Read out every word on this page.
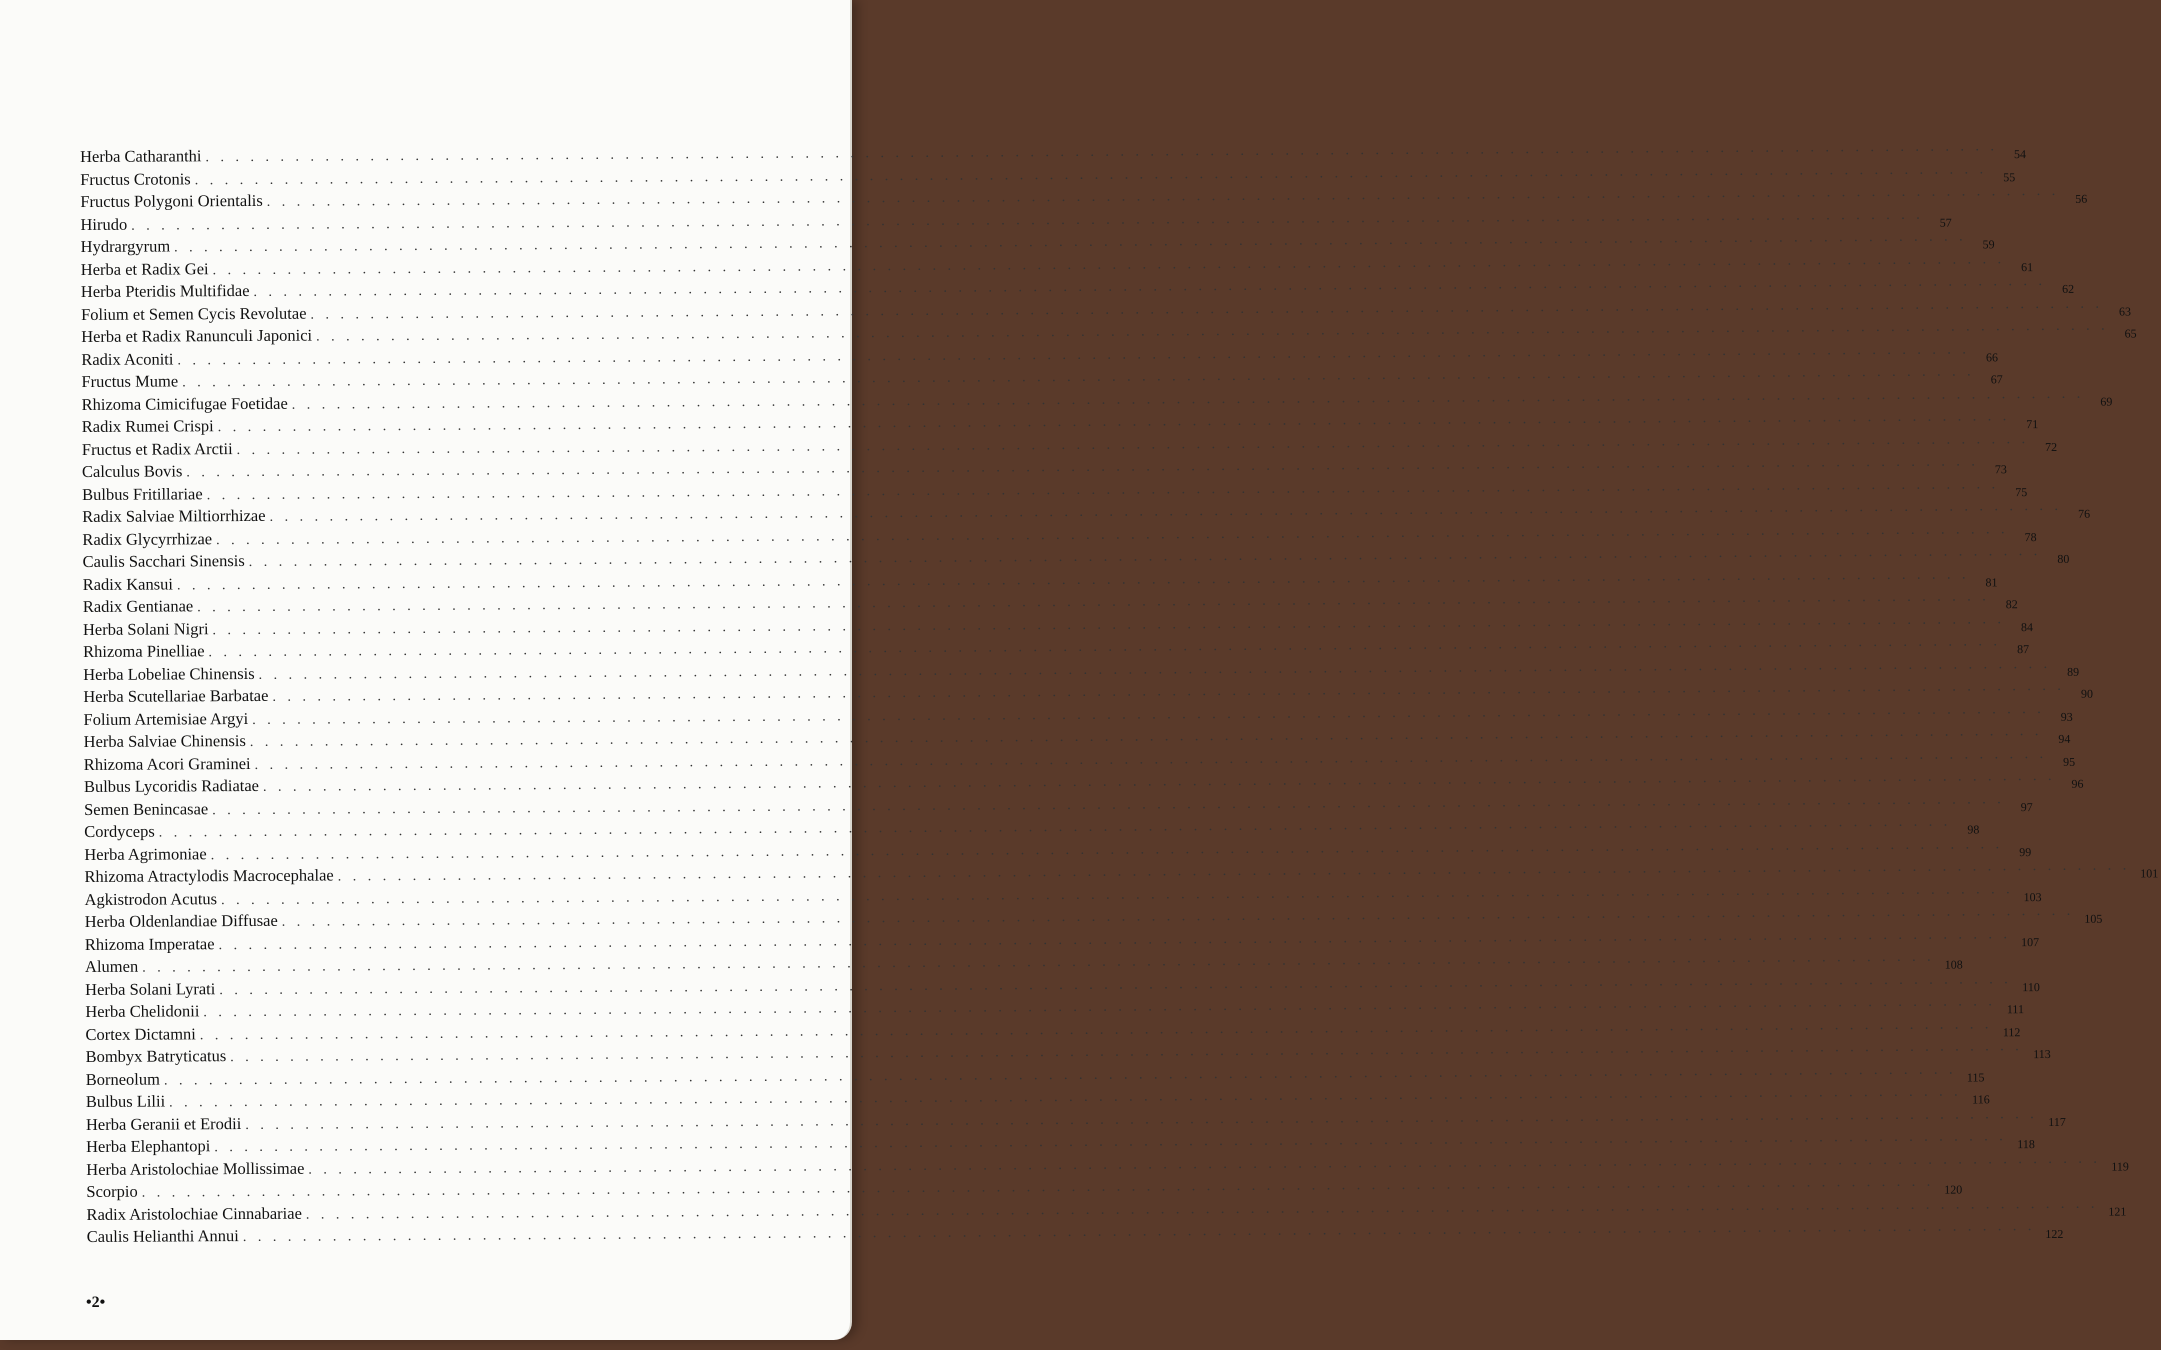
Herba Catharanthi . . . . . . . . . . . . . . . . . . . . . . . . . . . . . . . . . . . . . . . . . . . . . . . . . . . . . . . . . . . . . . . . . . . . . . . . . . . . . . . . . . . . . . . . . . . . . . . . . . . . . . . . . . . . . . . . . . . . . . . .	54
Fructus Crotonis . . . . . . . . . . . . . . . . . . . . . . . . . . . . . . . . . . . . . . . . . . . . . . . . . . . . . . . . . . . . . . . . . . . . . . . . . . . . . . . . . . . . . . . . . . . . . . . . . . . . . . . . . . . . . . . . . . . . . . . .	55
Fructus Polygoni Orientalis . . . . . . . . . . . . . . . . . . . . . . . . . . . . . . . . . . . . . . . . . . . . . . . . . . . . . . . . . . . . . . . . . . . . . . . . . . . . . . . . . . . . . . . . . . . . . . . . . . . . . . . . . . . . . . . . . . . . . . . .	56
Hirudo . . . . . . . . . . . . . . . . . . . . . . . . . . . . . . . . . . . . . . . . . . . . . . . . . . . . . . . . . . . . . . . . . . . . . . . . . . . . . . . . . . . . . . . . . . . . . . . . . . . . . . . . . . . . . . . . . . . . . . . .	57
Hydrargyrum . . . . . . . . . . . . . . . . . . . . . . . . . . . . . . . . . . . . . . . . . . . . . . . . . . . . . . . . . . . . . . . . . . . . . . . . . . . . . . . . . . . . . . . . . . . . . . . . . . . . . . . . . . . . . . . . . . . . . . . .	59
Herba et Radix Gei . . . . . . . . . . . . . . . . . . . . . . . . . . . . . . . . . . . . . . . . . . . . . . . . . . . . . . . . . . . . . . . . . . . . . . . . . . . . . . . . . . . . . . . . . . . . . . . . . . . . . . . . . . . . . . . . . . . . . . . .	61
Herba Pteridis Multifidae . . . . . . . . . . . . . . . . . . . . . . . . . . . . . . . . . . . . . . . . . . . . . . . . . . . . . . . . . . . . . . . . . . . . . . . . . . . . . . . . . . . . . . . . . . . . . . . . . . . . . . . . . . . . . . . . . . . . . . . .	62
Folium et Semen Cycis Revolutae . . . . . . . . . . . . . . . . . . . . . . . . . . . . . . . . . . . . . . . . . . . . . . . . . . . . . . . . . . . . . . . . . . . . . . . . . . . . . . . . . . . . . . . . . . . . . . . . . . . . . . . . . . . . . . . . . . . . . . . .	63
Herba et Radix Ranunculi Japonici . . . . . . . . . . . . . . . . . . . . . . . . . . . . . . . . . . . . . . . . . . . . . . . . . . . . . . . . . . . . . . . . . . . . . . . . . . . . . . . . . . . . . . . . . . . . . . . . . . . . . . . . . . . . . . . . . . . . . . . .	65
Radix Aconiti . . . . . . . . . . . . . . . . . . . . . . . . . . . . . . . . . . . . . . . . . . . . . . . . . . . . . . . . . . . . . . . . . . . . . . . . . . . . . . . . . . . . . . . . . . . . . . . . . . . . . . . . . . . . . . . . . . . . . . . .	66
Fructus Mume . . . . . . . . . . . . . . . . . . . . . . . . . . . . . . . . . . . . . . . . . . . . . . . . . . . . . . . . . . . . . . . . . . . . . . . . . . . . . . . . . . . . . . . . . . . . . . . . . . . . . . . . . . . . . . . . . . . . . . . .	67
Rhizoma Cimicifugae Foetidae . . . . . . . . . . . . . . . . . . . . . . . . . . . . . . . . . . . . . . . . . . . . . . . . . . . . . . . . . . . . . . . . . . . . . . . . . . . . . . . . . . . . . . . . . . . . . . . . . . . . . . . . . . . . . . . . . . . . . . . .	69
Radix Rumei Crispi . . . . . . . . . . . . . . . . . . . . . . . . . . . . . . . . . . . . . . . . . . . . . . . . . . . . . . . . . . . . . . . . . . . . . . . . . . . . . . . . . . . . . . . . . . . . . . . . . . . . . . . . . . . . . . . . . . . . . . . .	71
Fructus et Radix Arctii . . . . . . . . . . . . . . . . . . . . . . . . . . . . . . . . . . . . . . . . . . . . . . . . . . . . . . . . . . . . . . . . . . . . . . . . . . . . . . . . . . . . . . . . . . . . . . . . . . . . . . . . . . . . . . . . . . . . . . . .	72
Calculus Bovis . . . . . . . . . . . . . . . . . . . . . . . . . . . . . . . . . . . . . . . . . . . . . . . . . . . . . . . . . . . . . . . . . . . . . . . . . . . . . . . . . . . . . . . . . . . . . . . . . . . . . . . . . . . . . . . . . . . . . . . .	73
Bulbus Fritillariae . . . . . . . . . . . . . . . . . . . . . . . . . . . . . . . . . . . . . . . . . . . . . . . . . . . . . . . . . . . . . . . . . . . . . . . . . . . . . . . . . . . . . . . . . . . . . . . . . . . . . . . . . . . . . . . . . . . . . . . .	75
Radix Salviae Miltiorrhizae . . . . . . . . . . . . . . . . . . . . . . . . . . . . . . . . . . . . . . . . . . . . . . . . . . . . . . . . . . . . . . . . . . . . . . . . . . . . . . . . . . . . . . . . . . . . . . . . . . . . . . . . . . . . . . . . . . . . . . . .	76
Radix Glycyrrhizae . . . . . . . . . . . . . . . . . . . . . . . . . . . . . . . . . . . . . . . . . . . . . . . . . . . . . . . . . . . . . . . . . . . . . . . . . . . . . . . . . . . . . . . . . . . . . . . . . . . . . . . . . . . . . . . . . . . . . . . .	78
Caulis Sacchari Sinensis . . . . . . . . . . . . . . . . . . . . . . . . . . . . . . . . . . . . . . . . . . . . . . . . . . . . . . . . . . . . . . . . . . . . . . . . . . . . . . . . . . . . . . . . . . . . . . . . . . . . . . . . . . . . . . . . . . . . . . . .	80
Radix Kansui . . . . . . . . . . . . . . . . . . . . . . . . . . . . . . . . . . . . . . . . . . . . . . . . . . . . . . . . . . . . . . . . . . . . . . . . . . . . . . . . . . . . . . . . . . . . . . . . . . . . . . . . . . . . . . . . . . . . . . . .	81
Radix Gentianae . . . . . . . . . . . . . . . . . . . . . . . . . . . . . . . . . . . . . . . . . . . . . . . . . . . . . . . . . . . . . . . . . . . . . . . . . . . . . . . . . . . . . . . . . . . . . . . . . . . . . . . . . . . . . . . . . . . . . . . .	82
Herba Solani Nigri . . . . . . . . . . . . . . . . . . . . . . . . . . . . . . . . . . . . . . . . . . . . . . . . . . . . . . . . . . . . . . . . . . . . . . . . . . . . . . . . . . . . . . . . . . . . . . . . . . . . . . . . . . . . . . . . . . . . . . . .	84
Rhizoma Pinelliae . . . . . . . . . . . . . . . . . . . . . . . . . . . . . . . . . . . . . . . . . . . . . . . . . . . . . . . . . . . . . . . . . . . . . . . . . . . . . . . . . . . . . . . . . . . . . . . . . . . . . . . . . . . . . . . . . . . . . . . .	87
Herba Lobeliae Chinensis . . . . . . . . . . . . . . . . . . . . . . . . . . . . . . . . . . . . . . . . . . . . . . . . . . . . . . . . . . . . . . . . . . . . . . . . . . . . . . . . . . . . . . . . . . . . . . . . . . . . . . . . . . . . . . . . . . . . . . . .	89
Herba Scutellariae Barbatae . . . . . . . . . . . . . . . . . . . . . . . . . . . . . . . . . . . . . . . . . . . . . . . . . . . . . . . . . . . . . . . . . . . . . . . . . . . . . . . . . . . . . . . . . . . . . . . . . . . . . . . . . . . . . . . . . . . . . . . .	90
Folium Artemisiae Argyi . . . . . . . . . . . . . . . . . . . . . . . . . . . . . . . . . . . . . . . . . . . . . . . . . . . . . . . . . . . . . . . . . . . . . . . . . . . . . . . . . . . . . . . . . . . . . . . . . . . . . . . . . . . . . . . . . . . . . . . .	93
Herba Salviae Chinensis . . . . . . . . . . . . . . . . . . . . . . . . . . . . . . . . . . . . . . . . . . . . . . . . . . . . . . . . . . . . . . . . . . . . . . . . . . . . . . . . . . . . . . . . . . . . . . . . . . . . . . . . . . . . . . . . . . . . . . . .	94
Rhizoma Acori Graminei . . . . . . . . . . . . . . . . . . . . . . . . . . . . . . . . . . . . . . . . . . . . . . . . . . . . . . . . . . . . . . . . . . . . . . . . . . . . . . . . . . . . . . . . . . . . . . . . . . . . . . . . . . . . . . . . . . . . . . . .	95
Bulbus Lycoridis Radiatae . . . . . . . . . . . . . . . . . . . . . . . . . . . . . . . . . . . . . . . . . . . . . . . . . . . . . . . . . . . . . . . . . . . . . . . . . . . . . . . . . . . . . . . . . . . . . . . . . . . . . . . . . . . . . . . . . . . . . . . .	96
Semen Benincasae . . . . . . . . . . . . . . . . . . . . . . . . . . . . . . . . . . . . . . . . . . . . . . . . . . . . . . . . . . . . . . . . . . . . . . . . . . . . . . . . . . . . . . . . . . . . . . . . . . . . . . . . . . . . . . . . . . . . . . . .	97
Cordyceps . . . . . . . . . . . . . . . . . . . . . . . . . . . . . . . . . . . . . . . . . . . . . . . . . . . . . . . . . . . . . . . . . . . . . . . . . . . . . . . . . . . . . . . . . . . . . . . . . . . . . . . . . . . . . . . . . . . . . . . .	98
Herba Agrimoniae . . . . . . . . . . . . . . . . . . . . . . . . . . . . . . . . . . . . . . . . . . . . . . . . . . . . . . . . . . . . . . . . . . . . . . . . . . . . . . . . . . . . . . . . . . . . . . . . . . . . . . . . . . . . . . . . . . . . . . . .	99
Rhizoma Atractylodis Macrocephalae . . . . . . . . . . . . . . . . . . . . . . . . . . . . . . . . . . . . . . . . . . . . . . . . . . . . . . . . . . . . . . . . . . . . . . . . . . . . . . . . . . . . . . . . . . . . . . . . . . . . . . . . . . . . . . . . . . . . . . . . 101
Agkistrodon Acutus . . . . . . . . . . . . . . . . . . . . . . . . . . . . . . . . . . . . . . . . . . . . . . . . . . . . . . . . . . . . . . . . . . . . . . . . . . . . . . . . . . . . . . . . . . . . . . . . . . . . . . . . . . . . . . . . . . . . . . . . 103
Herba Oldenlandiae Diffusae . . . . . . . . . . . . . . . . . . . . . . . . . . . . . . . . . . . . . . . . . . . . . . . . . . . . . . . . . . . . . . . . . . . . . . . . . . . . . . . . . . . . . . . . . . . . . . . . . . . . . . . . . . . . . . . . . . . . . . . . 105
Rhizoma Imperatae . . . . . . . . . . . . . . . . . . . . . . . . . . . . . . . . . . . . . . . . . . . . . . . . . . . . . . . . . . . . . . . . . . . . . . . . . . . . . . . . . . . . . . . . . . . . . . . . . . . . . . . . . . . . . . . . . . . . . . . . 107
Alumen . . . . . . . . . . . . . . . . . . . . . . . . . . . . . . . . . . . . . . . . . . . . . . . . . . . . . . . . . . . . . . . . . . . . . . . . . . . . . . . . . . . . . . . . . . . . . . . . . . . . . . . . . . . . . . . . . . . . . . . . 108
Herba Solani Lyrati . . . . . . . . . . . . . . . . . . . . . . . . . . . . . . . . . . . . . . . . . . . . . . . . . . . . . . . . . . . . . . . . . . . . . . . . . . . . . . . . . . . . . . . . . . . . . . . . . . . . . . . . . . . . . . . . . . . . . . . . 110
Herba Chelidonii . . . . . . . . . . . . . . . . . . . . . . . . . . . . . . . . . . . . . . . . . . . . . . . . . . . . . . . . . . . . . . . . . . . . . . . . . . . . . . . . . . . . . . . . . . . . . . . . . . . . . . . . . . . . . . . . . . . . . . . . 111
Cortex Dictamni . . . . . . . . . . . . . . . . . . . . . . . . . . . . . . . . . . . . . . . . . . . . . . . . . . . . . . . . . . . . . . . . . . . . . . . . . . . . . . . . . . . . . . . . . . . . . . . . . . . . . . . . . . . . . . . . . . . . . . . . 112
Bombyx Batryticatus . . . . . . . . . . . . . . . . . . . . . . . . . . . . . . . . . . . . . . . . . . . . . . . . . . . . . . . . . . . . . . . . . . . . . . . . . . . . . . . . . . . . . . . . . . . . . . . . . . . . . . . . . . . . . . . . . . . . . . . . 113
Borneolum . . . . . . . . . . . . . . . . . . . . . . . . . . . . . . . . . . . . . . . . . . . . . . . . . . . . . . . . . . . . . . . . . . . . . . . . . . . . . . . . . . . . . . . . . . . . . . . . . . . . . . . . . . . . . . . . . . . . . . . . 115
Bulbus Lilii . . . . . . . . . . . . . . . . . . . . . . . . . . . . . . . . . . . . . . . . . . . . . . . . . . . . . . . . . . . . . . . . . . . . . . . . . . . . . . . . . . . . . . . . . . . . . . . . . . . . . . . . . . . . . . . . . . . . . . . . 116
Herba Geranii et Erodii . . . . . . . . . . . . . . . . . . . . . . . . . . . . . . . . . . . . . . . . . . . . . . . . . . . . . . . . . . . . . . . . . . . . . . . . . . . . . . . . . . . . . . . . . . . . . . . . . . . . . . . . . . . . . . . . . . . . . . . . 117
Herba Elephantopi . . . . . . . . . . . . . . . . . . . . . . . . . . . . . . . . . . . . . . . . . . . . . . . . . . . . . . . . . . . . . . . . . . . . . . . . . . . . . . . . . . . . . . . . . . . . . . . . . . . . . . . . . . . . . . . . . . . . . . . . 118
Herba Aristolochiae Mollissimae . . . . . . . . . . . . . . . . . . . . . . . . . . . . . . . . . . . . . . . . . . . . . . . . . . . . . . . . . . . . . . . . . . . . . . . . . . . . . . . . . . . . . . . . . . . . . . . . . . . . . . . . . . . . . . . . . . . . . . . . 119
Scorpio . . . . . . . . . . . . . . . . . . . . . . . . . . . . . . . . . . . . . . . . . . . . . . . . . . . . . . . . . . . . . . . . . . . . . . . . . . . . . . . . . . . . . . . . . . . . . . . . . . . . . . . . . . . . . . . . . . . . . . . . 120
Radix Aristolochiae Cinnabariae . . . . . . . . . . . . . . . . . . . . . . . . . . . . . . . . . . . . . . . . . . . . . . . . . . . . . . . . . . . . . . . . . . . . . . . . . . . . . . . . . . . . . . . . . . . . . . . . . . . . . . . . . . . . . . . . . . . . . . . . 121
Caulis Helianthi Annui . . . . . . . . . . . . . . . . . . . . . . . . . . . . . . . . . . . . . . . . . . . . . . . . . . . . . . . . . . . . . . . . . . . . . . . . . . . . . . . . . . . . . . . . . . . . . . . . . . . . . . . . . . . . . . . . . . . . . . . . 122
•2•
